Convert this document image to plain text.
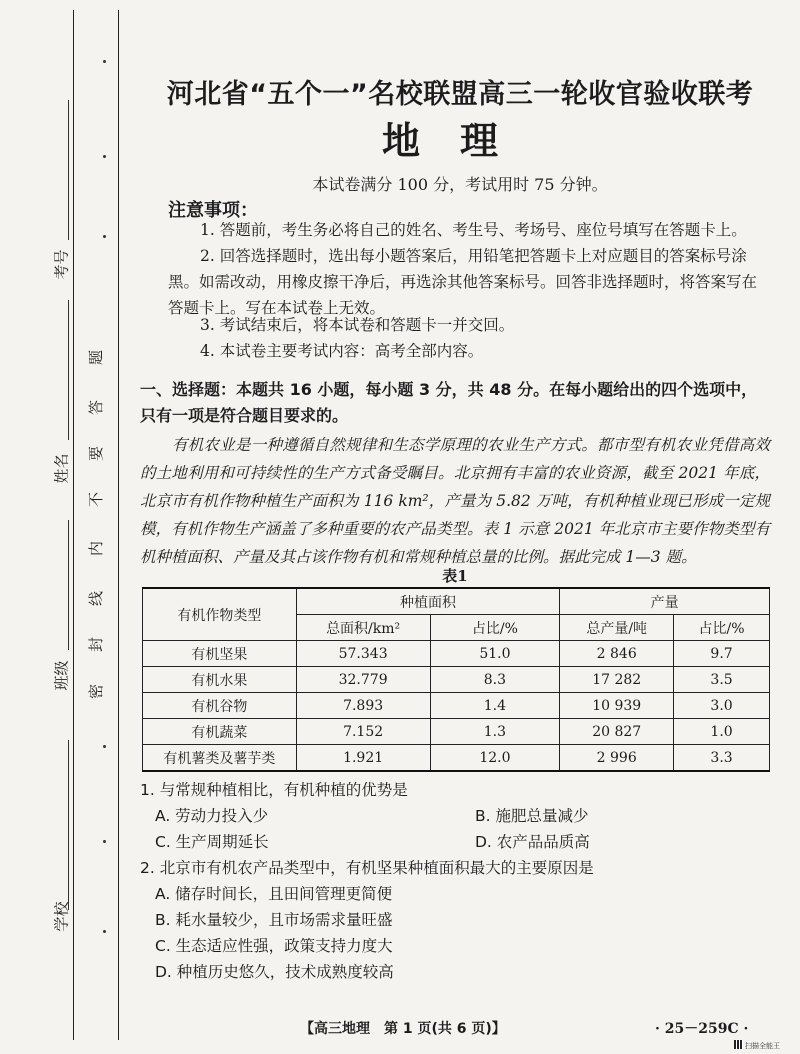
考号
姓名
班级
学校
题
答
要
不
内
线
封
密
河北省“五个一”名校联盟高三一轮收官验收联考
地理
本试卷满分 100 分，考试用时 75 分钟。
注意事项：
1. 答题前，考生务必将自己的姓名、考生号、考场号、座位号填写在答题卡上。
2. 回答选择题时，选出每小题答案后，用铅笔把答题卡上对应题目的答案标号涂
黑。如需改动，用橡皮擦干净后，再选涂其他答案标号。回答非选择题时，将答案写在
答题卡上。写在本试卷上无效。
3. 考试结束后，将本试卷和答题卡一并交回。
4. 本试卷主要考试内容：高考全部内容。
一、选择题：本题共 16 小题，每小题 3 分，共 48 分。在每小题给出的四个选项中，只有一项是符合题目要求的。
有机农业是一种遵循自然规律和生态学原理的农业生产方式。都市型有机农业凭借高效的土地利用和可持续性的生产方式备受瞩目。北京拥有丰富的农业资源，截至 2021 年底，北京市有机作物种植生产面积为 116 km²，产量为 5.82 万吨，有机种植业现已形成一定规模，有机作物生产涵盖了多种重要的农产品类型。表 1 示意 2021 年北京市主要作物类型有机种植面积、产量及其占该作物有机和常规种植总量的比例。据此完成 1—3 题。
表1
有机作物类型	种植面积		产量	
	总面积/km²	占比/%	总产量/吨	占比/%
有机坚果	57.343	51.0	2 846	9.7
有机水果	32.779	8.3	17 282	3.5
有机谷物	7.893	1.4	10 939	3.0
有机蔬菜	7.152	1.3	20 827	1.0
有机薯类及薯芋类	1.921	12.0	2 996	3.3
1. 与常规种植相比，有机种植的优势是
A. 劳动力投入少	B. 施肥总量减少
C. 生产周期延长	D. 农产品品质高
2. 北京市有机农产品类型中，有机坚果种植面积最大的主要原因是
A. 储存时间长，且田间管理更简便
B. 耗水量较少，且市场需求量旺盛
C. 生态适应性强，政策支持力度大
D. 种植历史悠久，技术成熟度较高
【高三地理　第 1 页(共 6 页)】	· 25－259C ·
扫描全能王
